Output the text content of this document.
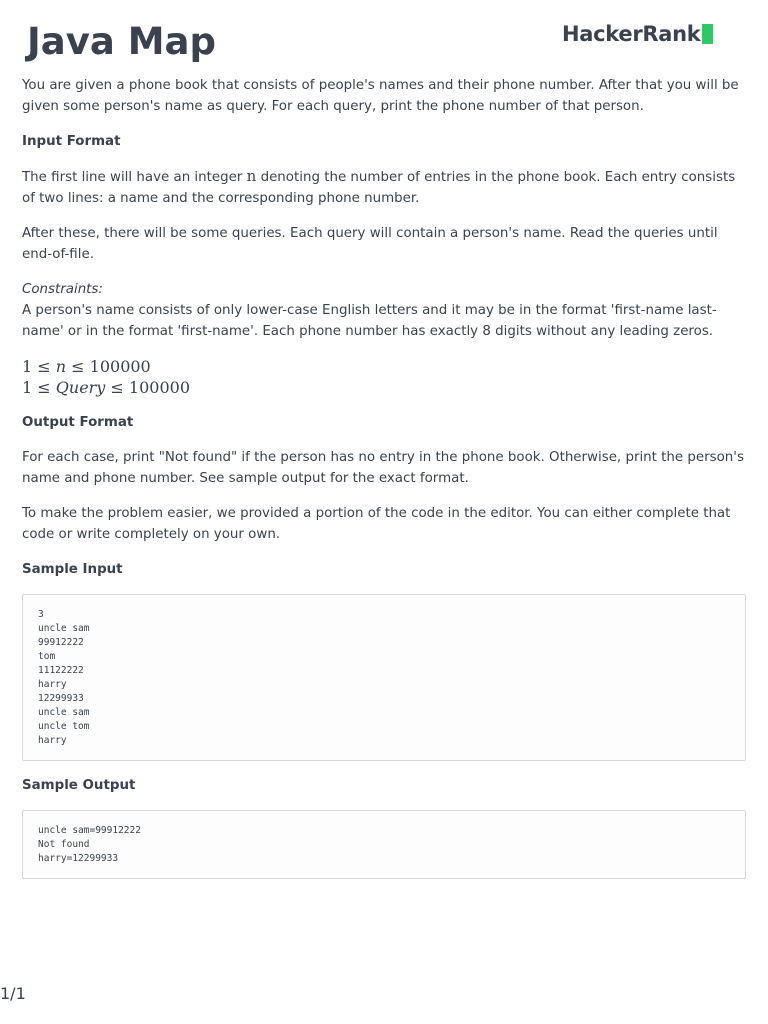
Java Map	HackerRank

You are given a phone book that consists of people's names and their phone number. After that you will be given some person's name as query. For each query, print the phone number of that person.

Input Format

The first line will have an integer n denoting the number of entries in the phone book. Each entry consists of two lines: a name and the corresponding phone number.

After these, there will be some queries. Each query will contain a person's name. Read the queries until end-of-file.

Constraints:
A person's name consists of only lower-case English letters and it may be in the format 'first-name last-name' or in the format 'first-name'. Each phone number has exactly 8 digits without any leading zeros.

1 ≤ n ≤ 100000
1 ≤ Query ≤ 100000
Output Format

For each case, print "Not found" if the person has no entry in the phone book. Otherwise, print the person's name and phone number. See sample output for the exact format.

To make the problem easier, we provided a portion of the code in the editor. You can either complete that code or write completely on your own.

Sample Input
3
uncle sam
99912222
tom
11122222
harry
12299933
uncle sam
uncle tom
harry
Sample Output
uncle sam=99912222
Not found
harry=12299933
1/1
